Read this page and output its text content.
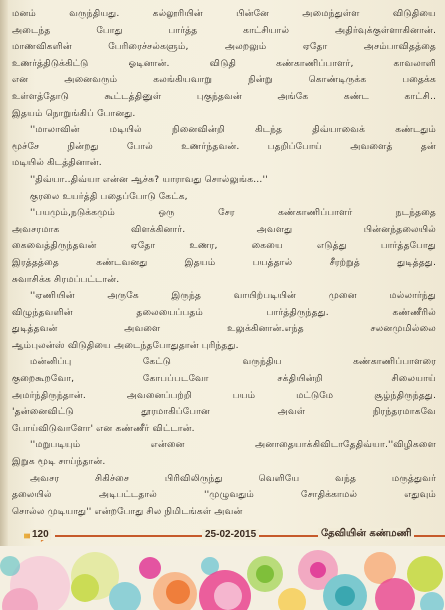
மனம் வருந்தியது. கல்லூரியின் பின்னே அமைந்துள்ள விடுதியை
அடைந்த போது பார்த்த காட்சியால் அதிர்வுக்குள்ளாகினான்.
மாணவிகளின் பேரிரைச்சல்களும், அலறலும் ஏதோ அசம்பாவிதத்தை
உணர்த்திடுக்கிட்டு ஓடினான். விடுதி கண்காணிப்பாளர், காவலாளி
என அனைவரும் கலங்கியவாறு நின்று கொண்டிருக்க பதைக்க
உள்ளத்தோடு கூட்டத்தினுள் புகுந்தவன் அங்கே கண்ட காட்சி..
இதயம் நொறுங்கிப் போனது.
''மாலாவின் மடியில் நினைவின்றி கிடந்த திவ்யாவைக் கண்டதும்
மூச்சே நின்றது போல் உணர்ந்தவன். பதறிப்போய் அவளைத் தன்
மடியில் கிடத்தினான்.
''திவ்யா..திவ்யா என்ன ஆச்சு? யாராவது சொல்லுங்க…''
குரலை உயர்த்தி பதைப்போடு கேட்க,
''பயமும்,நடுக்கமும் ஒரு சேர கண்காணிப்பாளர் நடந்ததை
அவசரமாக விளக்கினார். அவளது பின்னந்தலையில்
கைவைத்திருந்தவன் ஏதோ உணர, கையை எடுத்து பார்த்தபோது
இரத்தத்தை கண்டவனது இதயம் பயத்தால் சீரற்றுத் துடித்தது.
சுவாசிக்க சிரமப்பட்டான்.
''ஏணியின் அருகே இருந்த வாயிற்படியின் முனை மல்லார்ந்து
விழுந்தவளின் தலையைப்பதம் பார்த்திருந்தது. கண்ணீரில்
துடித்தவன் அவளை உலுக்கினான்.எந்த சலனமுமில்லை
ஆம்புலன்ஸ் விடுதியை அடைந்தபோதுதான் புரிந்தது.
மன்னிப்பு கேட்டு வருந்திய கண்காணிப்பாளரை
குறைகூறவோ, கோபப்படவோ சக்தியின்றி சிலையாய்
அமர்ந்திருந்தான். அவனைப்பற்றி பயம் மட்டுமே சூழ்ந்திருந்தது.
'தன்னைவிட்டு தூரமாகிப்போன அவள் நிரந்தரமாகவே
போய்விடுவாளோ' என கண்ணீர் விட்டான்.
''மறுபடியும் என்னை அனாதையாக்கிவிடாதேதிவ்யா.''விழிகளை
இறுக மூடி சாய்ந்தான்.
அவசர சிகிச்சை பிரிவிலிருந்து வெளியே வந்த மருத்துவர்
தலையில் அடிபட்டதால் ''முழுவதும் சோதிக்காமல் எதுவும்
சொல்ல முடியாது'' என்றபோது சில நிமிடங்கள் அவன்
120	25-02-2015	தேவியின் கண்மணி
